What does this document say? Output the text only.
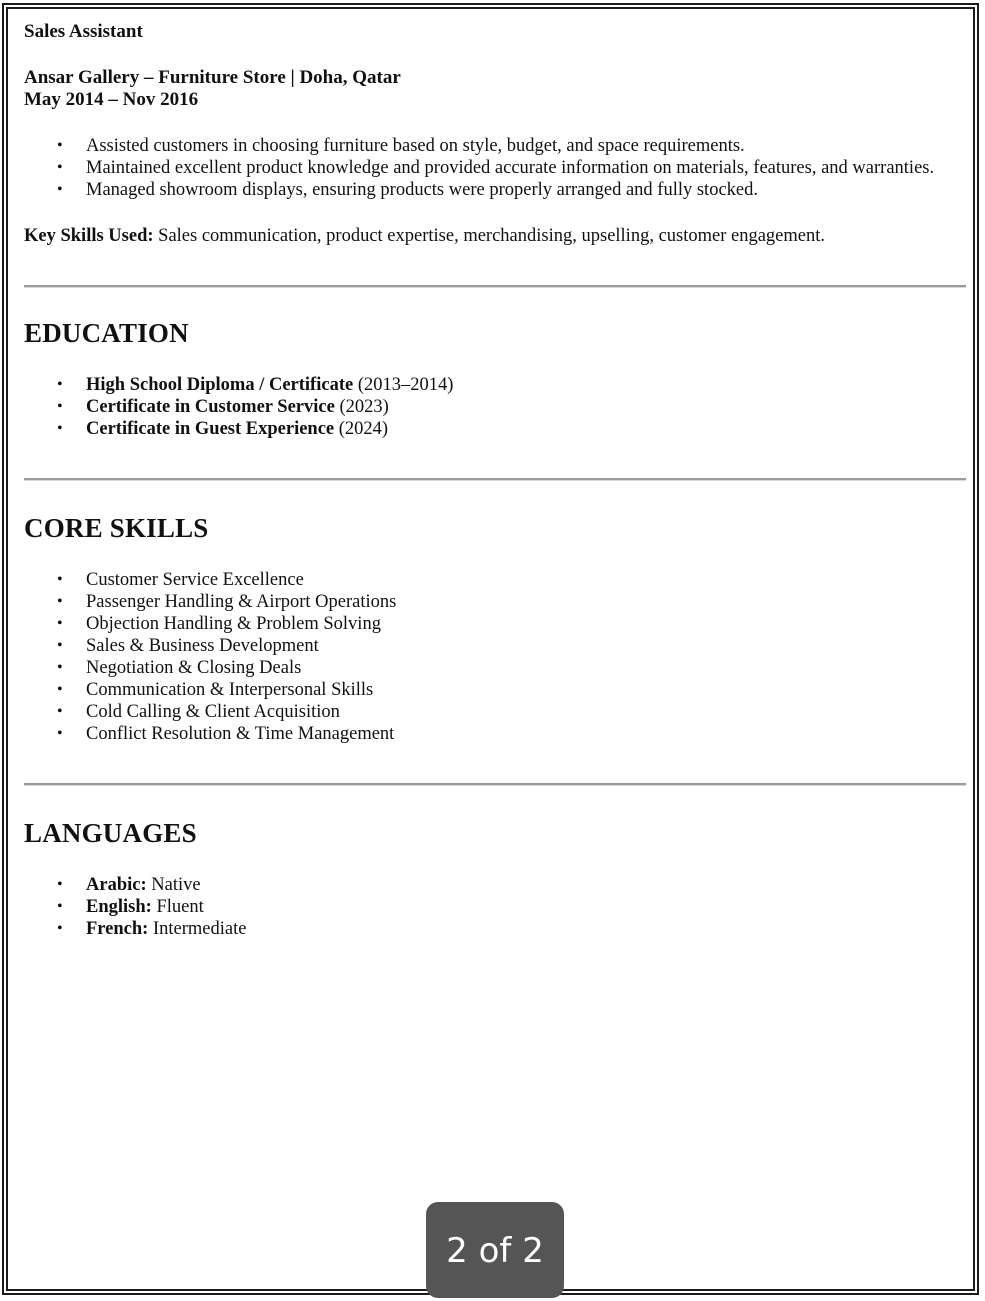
Sales Assistant

Ansar Gallery – Furniture Store | Doha, Qatar

May 2014 – Nov 2016

• Assisted customers in choosing furniture based on style, budget, and space requirements.
• Maintained excellent product knowledge and provided accurate information on materials, features, and warranties.
• Managed showroom displays, ensuring products were properly arranged and fully stocked.

Key Skills Used: Sales communication, product expertise, merchandising, upselling, customer engagement.

EDUCATION
• High School Diploma / Certificate (2013–2014)
• Certificate in Customer Service (2023)
• Certificate in Guest Experience (2024)
CORE SKILLS
• Customer Service Excellence
• Passenger Handling & Airport Operations
• Objection Handling & Problem Solving
• Sales & Business Development
• Negotiation & Closing Deals
• Communication & Interpersonal Skills
• Cold Calling & Client Acquisition
• Conflict Resolution & Time Management
LANGUAGES
• Arabic: Native
• English: Fluent
• French: Intermediate
2 of 2
